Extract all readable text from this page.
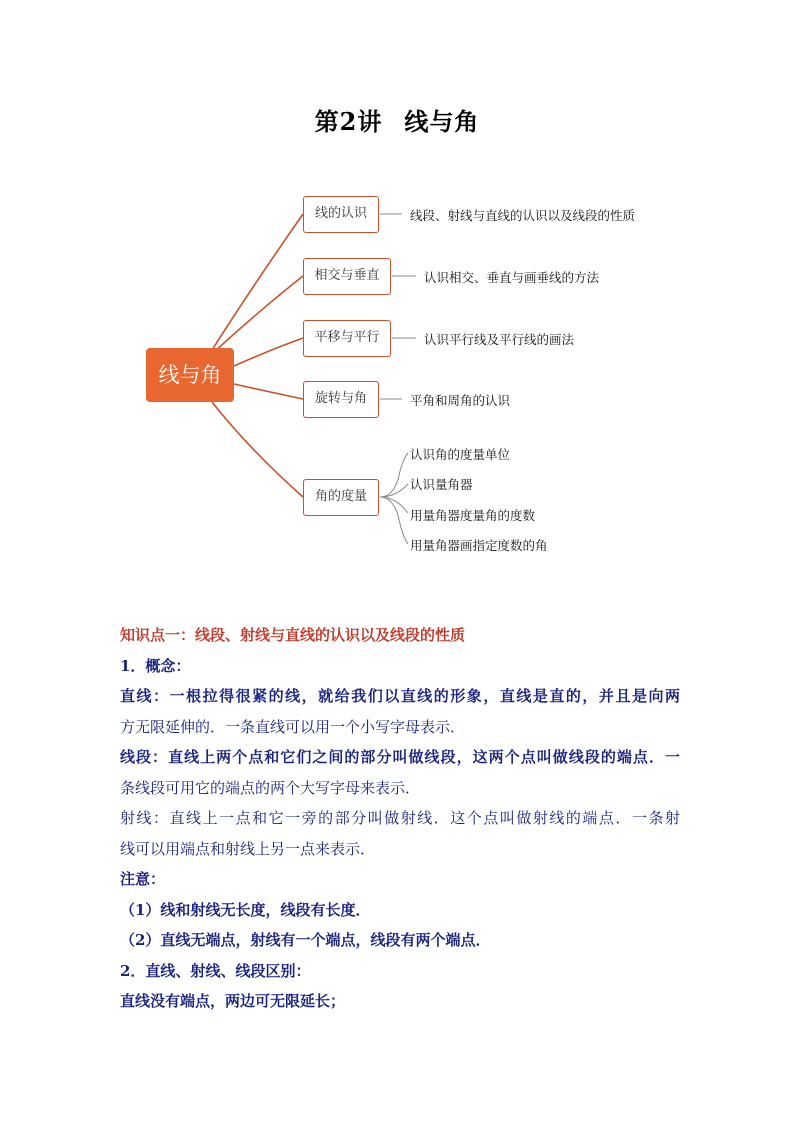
第2讲 线与角
线与角
线的认识
相交与垂直
平移与平行
旋转与角
角的度量
线段、射线与直线的认识以及线段的性质
认识相交、垂直与画垂线的方法
认识平行线及平行线的画法
平角和周角的认识
认识角的度量单位
认识量角器
用量角器度量角的度数
用量角器画指定度数的角

知识点一：线段、射线与直线的认识以及线段的性质

1．概念：

直线：一根拉得很紧的线，就给我们以直线的形象，直线是直的，并且是向两

方无限延伸的．一条直线可以用一个小写字母表示．

线段：直线上两个点和它们之间的部分叫做线段，这两个点叫做线段的端点．一

条线段可用它的端点的两个大写字母来表示．

射线：直线上一点和它一旁的部分叫做射线．这个点叫做射线的端点．一条射

线可以用端点和射线上另一点来表示．

注意：

（1）线和射线无长度，线段有长度．

（2）直线无端点，射线有一个端点，线段有两个端点．

2．直线、射线、线段区别：

直线没有端点，两边可无限延长；
